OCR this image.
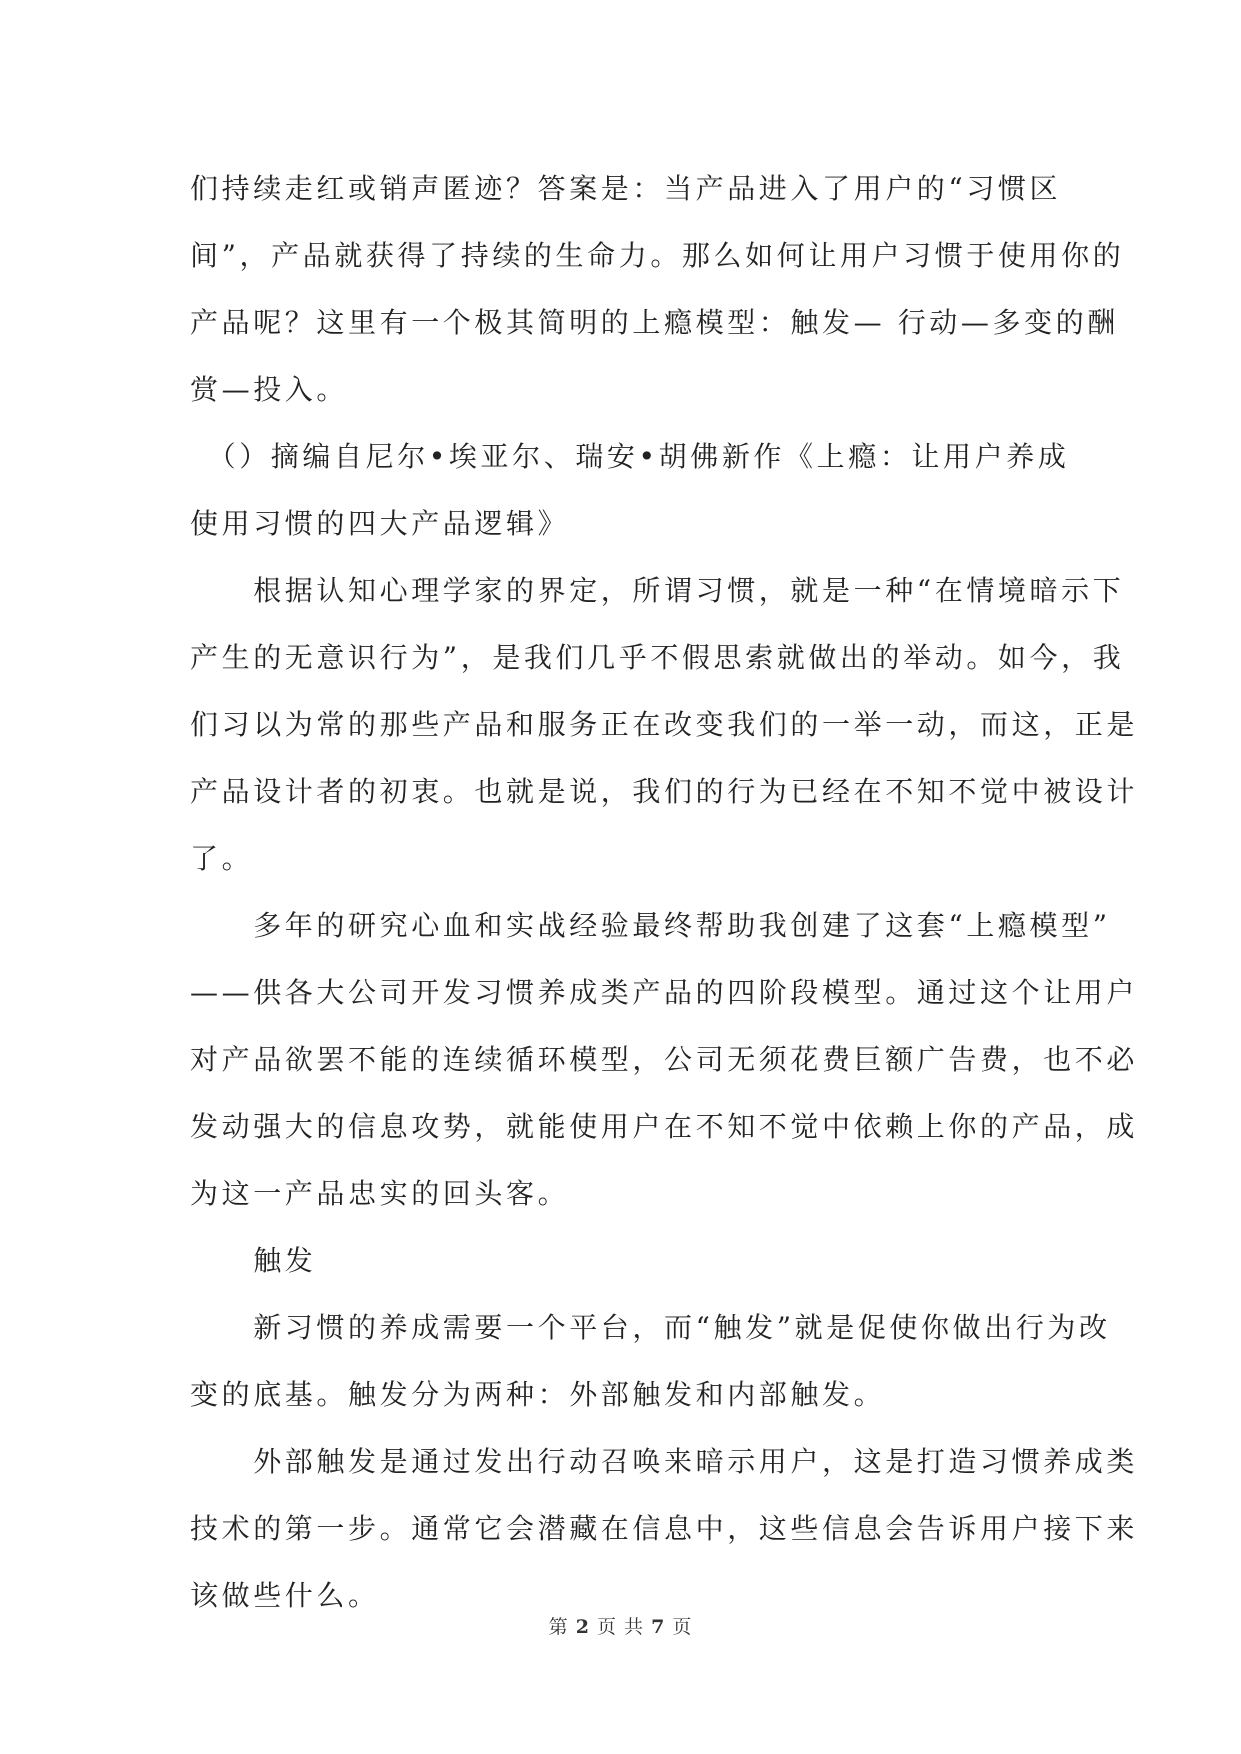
们持续走红或销声匿迹？答案是：当产品进入了用户的“习惯区
间”，产品就获得了持续的生命力。那么如何让用户习惯于使用你的
产品呢？这里有一个极其简明的上瘾模型：触发— 行动—多变的酬
赏—投入。
　（）摘编自尼尔•埃亚尔、瑞安•胡佛新作《上瘾：让用户养成
使用习惯的四大产品逻辑》
　　根据认知心理学家的界定，所谓习惯，就是一种“在情境暗示下
产生的无意识行为”，是我们几乎不假思索就做出的举动。如今，我
们习以为常的那些产品和服务正在改变我们的一举一动，而这，正是
产品设计者的初衷。也就是说，我们的行为已经在不知不觉中被设计
了。
　　多年的研究心血和实战经验最终帮助我创建了这套“上瘾模型”
——供各大公司开发习惯养成类产品的四阶段模型。通过这个让用户
对产品欲罢不能的连续循环模型，公司无须花费巨额广告费，也不必
发动强大的信息攻势，就能使用户在不知不觉中依赖上你的产品，成
为这一产品忠实的回头客。
　　触发
　　新习惯的养成需要一个平台，而“触发”就是促使你做出行为改
变的底基。触发分为两种：外部触发和内部触发。
　　外部触发是通过发出行动召唤来暗示用户，这是打造习惯养成类
技术的第一步。通常它会潜藏在信息中，这些信息会告诉用户接下来
该做些什么。
第 2 页 共 7 页
